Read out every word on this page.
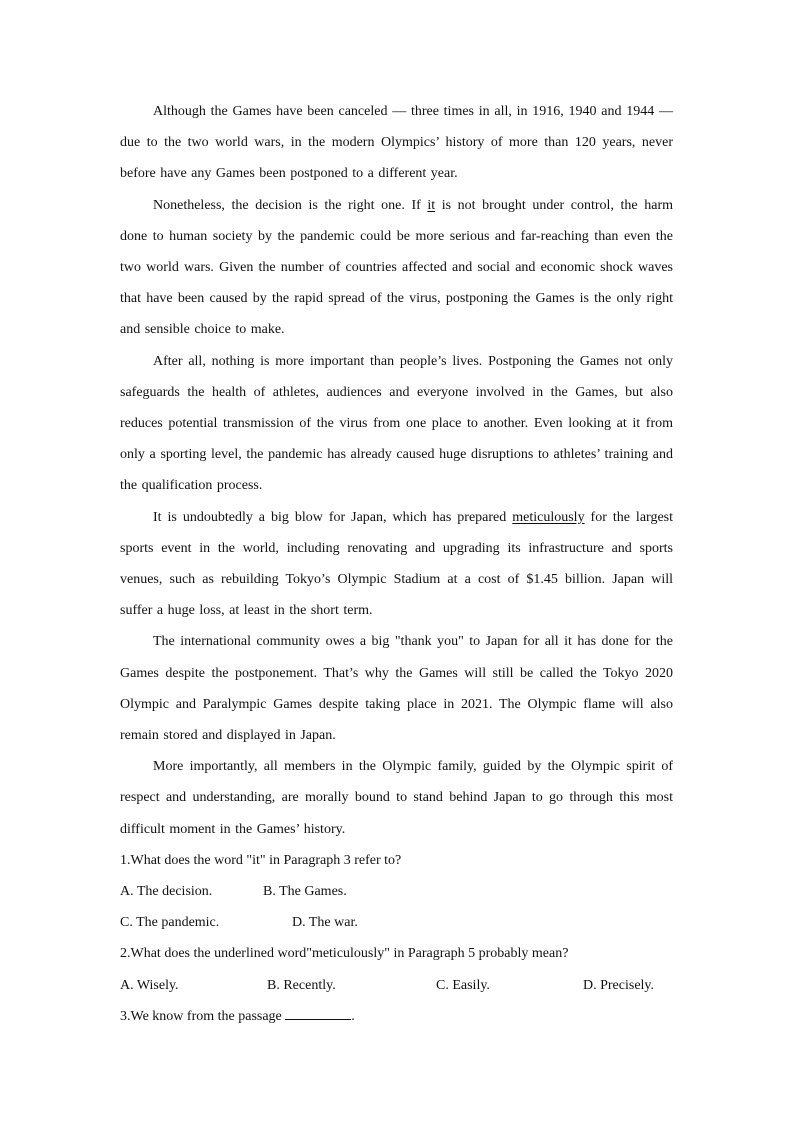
Although the Games have been canceled — three times in all, in 1916, 1940 and 1944 — due to the two world wars, in the modern Olympics’ history of more than 120 years, never before have any Games been postponed to a different year.

Nonetheless, the decision is the right one. If it is not brought under control, the harm done to human society by the pandemic could be more serious and far-reaching than even the two world wars. Given the number of countries affected and social and economic shock waves that have been caused by the rapid spread of the virus, postponing the Games is the only right and sensible choice to make.

After all, nothing is more important than people’s lives. Postponing the Games not only safeguards the health of athletes, audiences and everyone involved in the Games, but also reduces potential transmission of the virus from one place to another. Even looking at it from only a sporting level, the pandemic has already caused huge disruptions to athletes’ training and the qualification process.

It is undoubtedly a big blow for Japan, which has prepared meticulously for the largest sports event in the world, including renovating and upgrading its infrastructure and sports venues, such as rebuilding Tokyo’s Olympic Stadium at a cost of $1.45 billion. Japan will suffer a huge loss, at least in the short term.

The international community owes a big "thank you" to Japan for all it has done for the Games despite the postponement. That’s why the Games will still be called the Tokyo 2020 Olympic and Paralympic Games despite taking place in 2021. The Olympic flame will also remain stored and displayed in Japan.

More importantly, all members in the Olympic family, guided by the Olympic spirit of respect and understanding, are morally bound to stand behind Japan to go through this most difficult moment in the Games’ history.

1.What does the word "it" in Paragraph 3 refer to?

A. The decision.	B. The Games.
C. The pandemic.	D. The war.

2.What does the underlined word"meticulously" in Paragraph 5 probably mean?

A. Wisely.	B. Recently.	C. Easily.	D. Precisely.

3.We know from the passage	.
